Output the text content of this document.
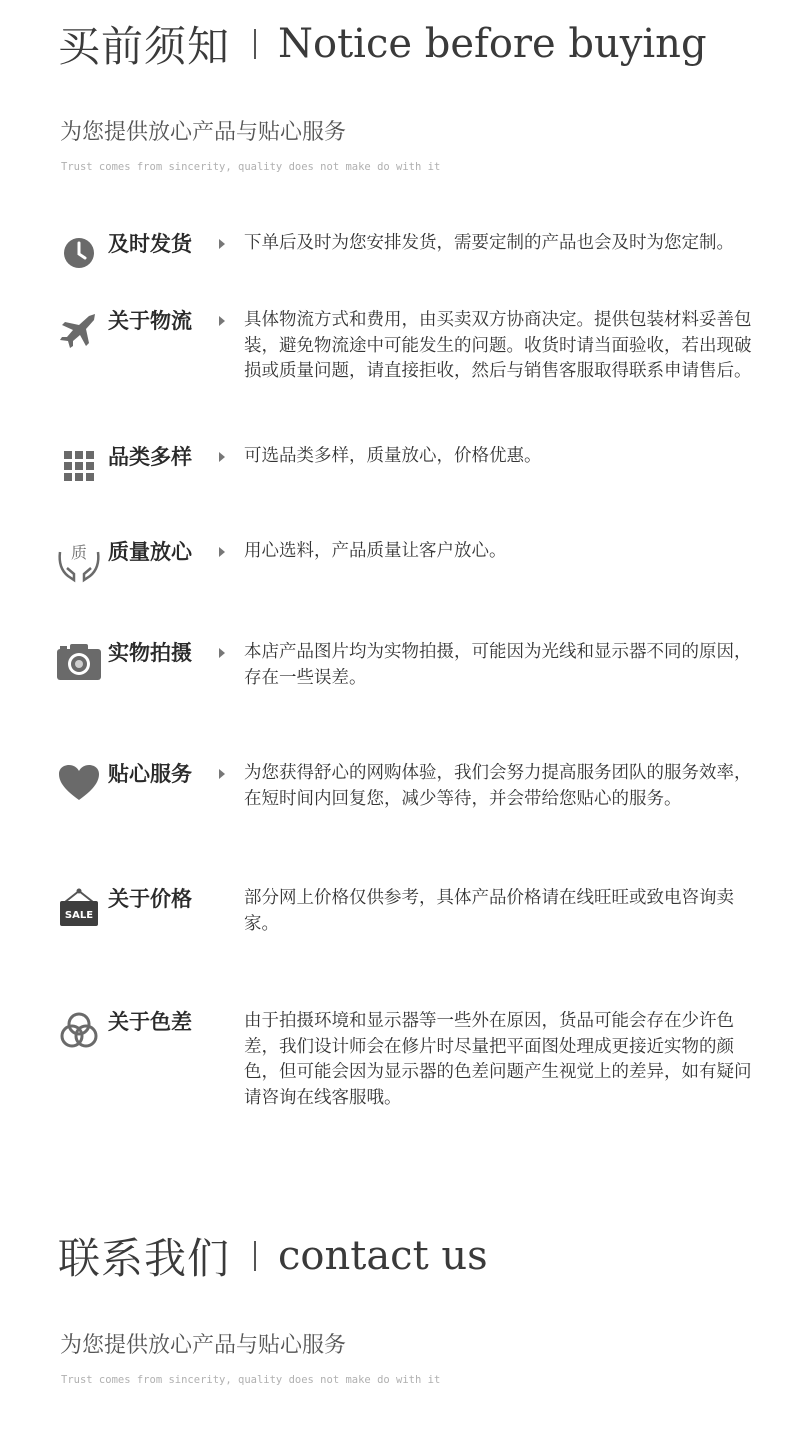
买前须知 Notice before buying
为您提供放心产品与贴心服务
Trust comes from sincerity, quality does not make do with it
及时发货	下单后及时为您安排发货，需要定制的产品也会及时为您定制。
关于物流	具体物流方式和费用，由买卖双方协商决定。提供包装材料妥善包装，避免物流途中可能发生的问题。收货时请当面验收，若出现破损或质量问题，请直接拒收，然后与销售客服取得联系申请售后。
品类多样	可选品类多样，质量放心，价格优惠。
质 质量放心	用心选料，产品质量让客户放心。
实物拍摄	本店产品图片均为实物拍摄，可能因为光线和显示器不同的原因，存在一些误差。
贴心服务	为您获得舒心的网购体验，我们会努力提高服务团队的服务效率，在短时间内回复您，减少等待，并会带给您贴心的服务。
SALE
关于价格	部分网上价格仅供参考，具体产品价格请在线旺旺或致电咨询卖家。
关于色差	由于拍摄环境和显示器等一些外在原因，货品可能会存在少许色差，我们设计师会在修片时尽量把平面图处理成更接近实物的颜色，但可能会因为显示器的色差问题产生视觉上的差异，如有疑问请咨询在线客服哦。
联系我们 contact us
为您提供放心产品与贴心服务
Trust comes from sincerity, quality does not make do with it
